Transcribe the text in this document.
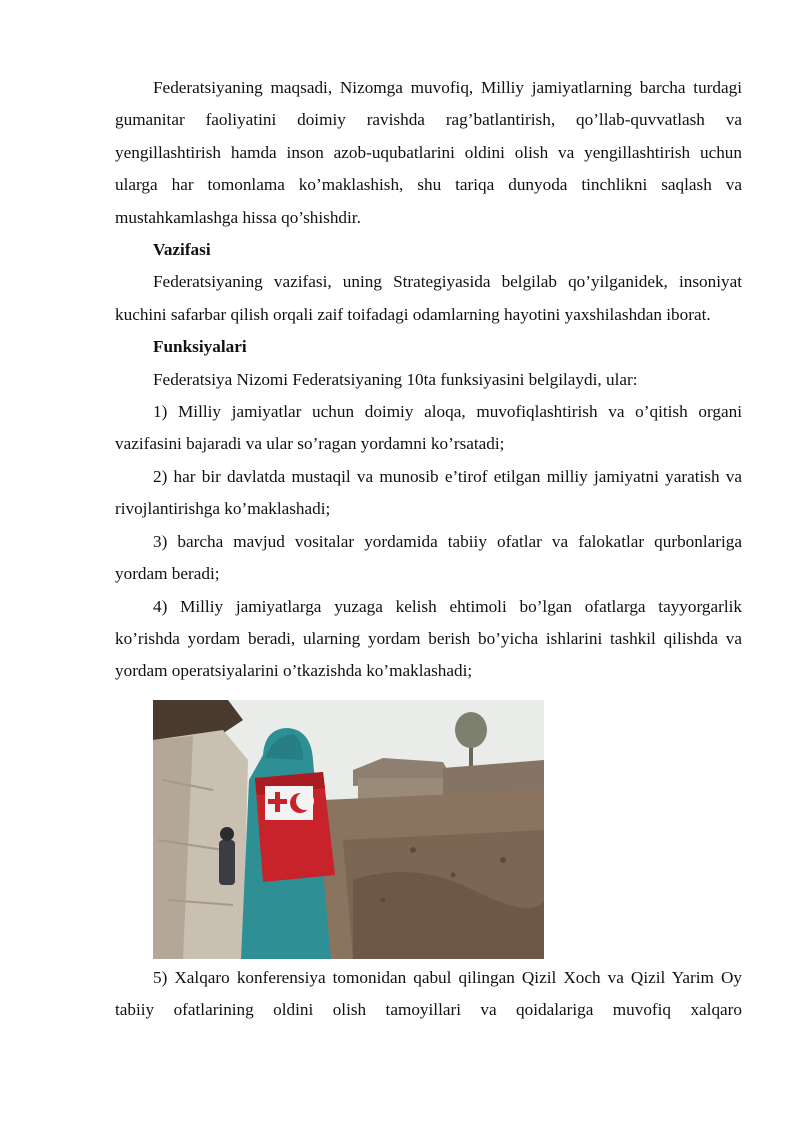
Federatsiyaning maqsadi, Nizomga muvofiq, Milliy jamiyatlarning barcha turdagi gumanitar faoliyatini doimiy ravishda rag’batlantirish, qo’llab-quvvatlash va yengillashtirish hamda inson azob-uqubatlarini oldini olish va yengillashtirish uchun ularga har tomonlama ko’maklashish, shu tariqa dunyoda tinchlikni saqlash va mustahkamlashga hissa qo’shishdir.

Vazifasi

Federatsiyaning vazifasi, uning Strategiyasida belgilab qo’yilganidek, insoniyat kuchini safarbar qilish orqali zaif toifadagi odamlarning hayotini yaxshilashdan iborat.

Funksiyalari

Federatsiya Nizomi Federatsiyaning 10ta funksiyasini belgilaydi, ular:

1) Milliy jamiyatlar uchun doimiy aloqa, muvofiqlashtirish va o’qitish organi vazifasini bajaradi va ular so’ragan yordamni ko’rsatadi;

2) har bir davlatda mustaqil va munosib e’tirof etilgan milliy jamiyatni yaratish va rivojlantirishga ko’maklashadi;

3) barcha mavjud vositalar yordamida tabiiy ofatlar va falokatlar qurbonlariga yordam beradi;

4) Milliy jamiyatlarga yuzaga kelish ehtimoli bo’lgan ofatlarga tayyorgarlik ko’rishda yordam beradi, ularning yordam berish bo’yicha ishlarini tashkil qilishda va yordam operatsiyalarini o’tkazishda ko’maklashadi;

5) Xalqaro konferensiya tomonidan qabul qilingan Qizil Xoch va Qizil Yarim Oy tabiiy ofatlarining oldini olish tamoyillari va qoidalariga muvofiq xalqaro
